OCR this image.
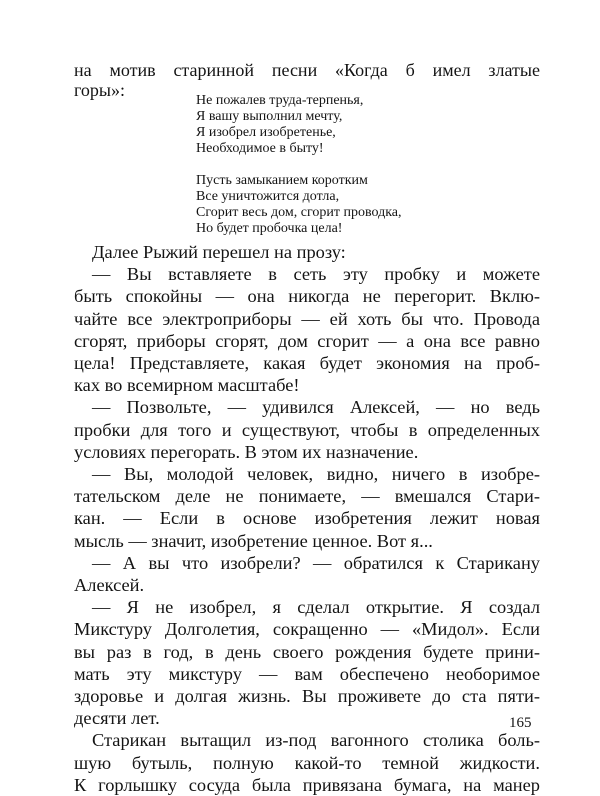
на мотив старинной песни «Когда б имел златые
горы»:
Не пожалев труда-терпенья,
Я вашу выполнил мечту,
Я изобрел изобретенье,
Необходимое в быту!
Пусть замыканием коротким
Все уничтожится дотла,
Сгорит весь дом, сгорит проводка,
Но будет пробочка цела!
Далее Рыжий перешел на прозу:
— Вы вставляете в сеть эту пробку и можете
быть спокойны — она никогда не перегорит. Вклю-
чайте все электроприборы — ей хоть бы что. Провода
сгорят, приборы сгорят, дом сгорит — а она все равно
цела! Представляете, какая будет экономия на проб-
ках во всемирном масштабе!
— Позвольте, — удивился Алексей, — но ведь
пробки для того и существуют, чтобы в определенных
условиях перегорать. В этом их назначение.
— Вы, молодой человек, видно, ничего в изобре-
тательском деле не понимаете, — вмешался Стари-
кан. — Если в основе изобретения лежит новая
мысль — значит, изобретение ценное. Вот я...
— А вы что изобрели? — обратился к Старикану
Алексей.
— Я не изобрел, я сделал открытие. Я создал
Микстуру Долголетия, сокращенно — «Мидол». Если
вы раз в год, в день своего рождения будете прини-
мать эту микстуру — вам обеспечено необоримое
здоровье и долгая жизнь. Вы проживете до ста пяти-
десяти лет.
Старикан вытащил из-под вагонного столика боль-
шую бутыль, полную какой-то темной жидкости.
К горлышку сосуда была привязана бумага, на манер
165
